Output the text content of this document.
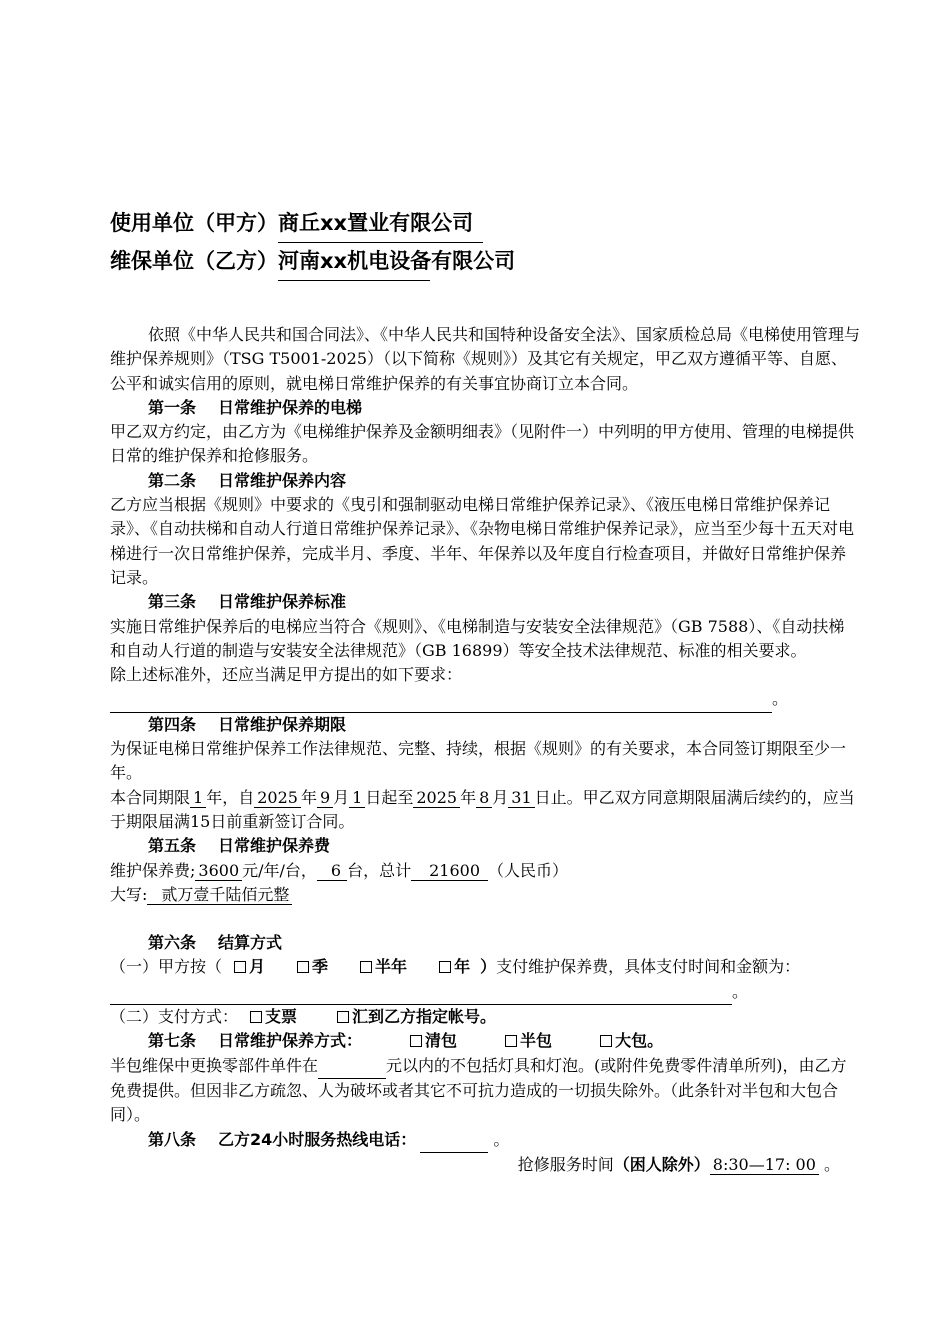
使用单位（甲方）商丘xx置业有限公司
维保单位（乙方）河南xx机电设备有限公司

依照《中华人民共和国合同法》、《中华人民共和国特种设备安全法》、国家质检总局《电梯使用管理与维护保养规则》（TSG T5001-2025）（以下简称《规则》）及其它有关规定，甲乙双方遵循平等、自愿、公平和诚实信用的原则，就电梯日常维护保养的有关事宜协商订立本合同。

第一条 日常维护保养的电梯

甲乙双方约定，由乙方为《电梯维护保养及金额明细表》（见附件一）中列明的甲方使用、管理的电梯提供日常的维护保养和抢修服务。

第二条 日常维护保养内容

乙方应当根据《规则》中要求的《曳引和强制驱动电梯日常维护保养记录》、《液压电梯日常维护保养记录》、《自动扶梯和自动人行道日常维护保养记录》、《杂物电梯日常维护保养记录》，应当至少每十五天对电梯进行一次日常维护保养，完成半月、季度、半年、年保养以及年度自行检查项目，并做好日常维护保养记录。

第三条 日常维护保养标准

实施日常维护保养后的电梯应当符合《规则》、《电梯制造与安装安全法律规范》（GB 7588）、《自动扶梯和自动人行道的制造与安装安全法律规范》（GB 16899）等安全技术法律规范、标准的相关要求。

除上述标准外，还应当满足甲方提出的如下要求：

。

第四条 日常维护保养期限

为保证电梯日常维护保养工作法律规范、完整、持续，根据《规则》的有关要求，本合同签订期限至少一年。

本合同期限 1 年，自 2025 年 9 月 1 日起至 2025 年 8 月 31 日止。甲乙双方同意期限届满后续约的，应当于期限届满15日前重新签订合同。

第五条 日常维护保养费

维护保养费; 3600 元/年/台， 6 台，总计 21600 （人民币）

大写: 贰万壹千陆佰元整

第六条 结算方式

（一）甲方按（ 月	季	半年	年 ）支付维护保养费，具体支付时间和金额为： 。

（二）支付方式： 支票	汇到乙方指定帐号。

第七条 日常维护保养方式：	清包	半包	大包。

半包维保中更换零部件单件在	元以内的不包括灯具和灯泡。(或附件免费零件清单所列)，由乙方免费提供。但因非乙方疏忽、人为破坏或者其它不可抗力造成的一切损失除外。（此条针对半包和大包合同）。

第八条 乙方24小时服务热线电话：	。

抢修服务时间（困人除外） 8:30—17: 00 。
